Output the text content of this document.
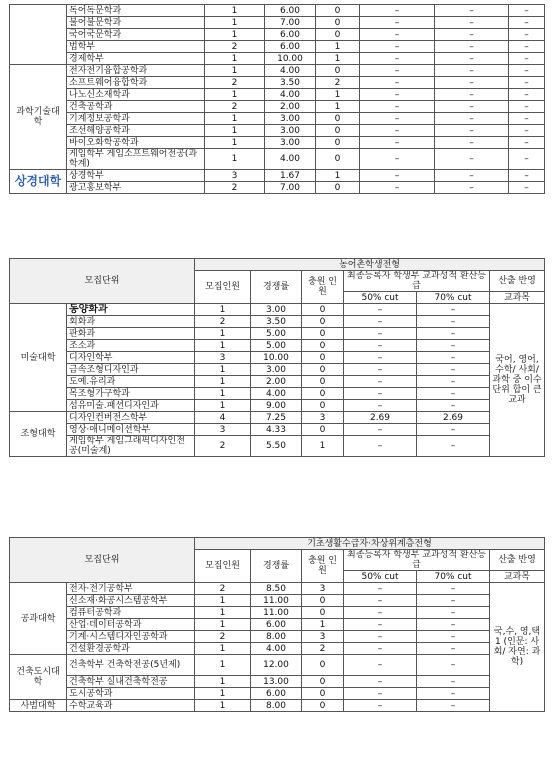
	독어독문학과	1	6.00	0	–	–	–
	불어불문학과	1	7.00	0	–	–	–
	국어국문학과	1	6.00	0	–	–	–
	법학부	2	6.00	1	–	–	–
	경제학부	1	10.00	1	–	–	–
과학기술대학	전자전기융합공학과	1	4.00	0	–	–	–
	소프트웨어융합학과	2	3.50	2	–	–	–
	나노신소재학과	1	4.00	1	–	–	–
	건축공학과	2	2.00	1	–	–	–
	기계정보공학과	1	3.00	0	–	–	–
	조선해양공학과	1	3.00	0	–	–	–
	바이오화학공학과	1	3.00	0	–	–	–
	게임학부 게임소프트웨어전공(과학계)	1	4.00	0	–	–	–
상경대학	상경학부	3	1.67	1	–	–	–
	광고홍보학부	2	7.00	0	–	–	–
모집단위		농어촌학생전형					
		모집인원	경쟁률	충원 인원	최종등록자 학생부 교과성적 환산등급		산출 반영

					50% cut	70% cut	교과목
미술대학	동양화과	1	3.00	0	–	–	국어, 영어, 수학/ 사회/ 과학 중 이수 단위 합이 큰 교과
	회화과	2	3.50	0	–	–	
	판화과	1	5.00	0	–	–	
	조소과	1	5.00	0	–	–	
	디자인학부	3	10.00	0	–	–	
	금속조형디자인과	1	3.00	0	–	–	
	도예.유리과	1	2.00	0	–	–	
	목조형가구학과	1	4.00	0	–	–	
	섬유미술.패션디자인과	1	9.00	0	–	–	
조형대학	디자인컨버전스학부	4	7.25	3	2.69	2.69	
	영상·애니메이션학부	3	4.33	0	–	–	
	게임학부 게임그래픽디자인전공(미술계)	2	5.50	1	–	–	
모집단위		기초생활수급자·차상위계층전형					
		모집인원	경쟁률	충원 인원	최종등록자 학생부 교과성적 환산등급		산출 반영

					50% cut	70% cut	교과목
공과대학	전자·전기공학부	2	8.50	3	–	–	국,수, 영,택1 (인문: 사회/ 자연: 과학)
	신소재·화공시스템공학부	1	11.00	0	–	–	
	컴퓨터공학과	1	11.00	0	–	–	
	산업·데이터공학과	1	6.00	1	–	–	
	기계·시스템디자인공학과	2	8.00	3	–	–	
	건설환경공학과	1	4.00	2	–	–	
건축도시대학	건축학부 건축학전공(5년제)	1	12.00	0	–	–	
	건축학부 실내건축학전공	1	13.00	0	–	–	
	도시공학과	1	6.00	0	–	–	
사범대학	수학교육과	1	8.00	0	–	–	
